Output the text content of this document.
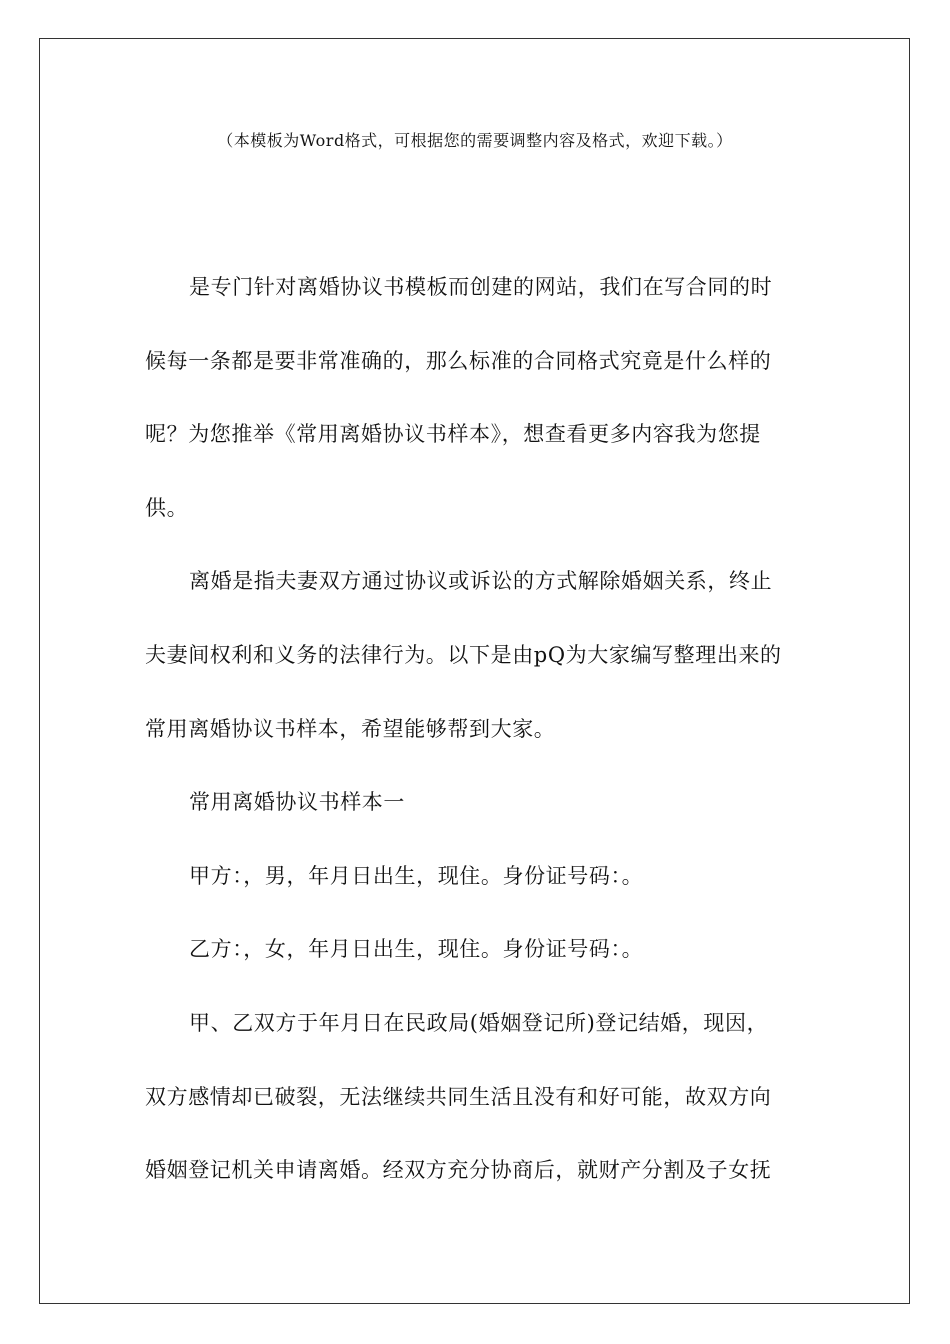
（本模板为Word格式，可根据您的需要调整内容及格式，欢迎下载。）
是专门针对离婚协议书模板而创建的网站，我们在写合同的时
候每一条都是要非常准确的，那么标准的合同格式究竟是什么样的
呢？为您推举《常用离婚协议书样本》，想查看更多内容我为您提
供。
离婚是指夫妻双方通过协议或诉讼的方式解除婚姻关系，终止
夫妻间权利和义务的法律行为。以下是由pQ为大家编写整理出来的
常用离婚协议书样本，希望能够帮到大家。
常用离婚协议书样本一
甲方：，男，年月日出生，现住。身份证号码：。
乙方：，女，年月日出生，现住。身份证号码：。
甲、乙双方于年月日在民政局(婚姻登记所)登记结婚，现因，
双方感情却已破裂，无法继续共同生活且没有和好可能，故双方向
婚姻登记机关申请离婚。经双方充分协商后，就财产分割及子女抚
